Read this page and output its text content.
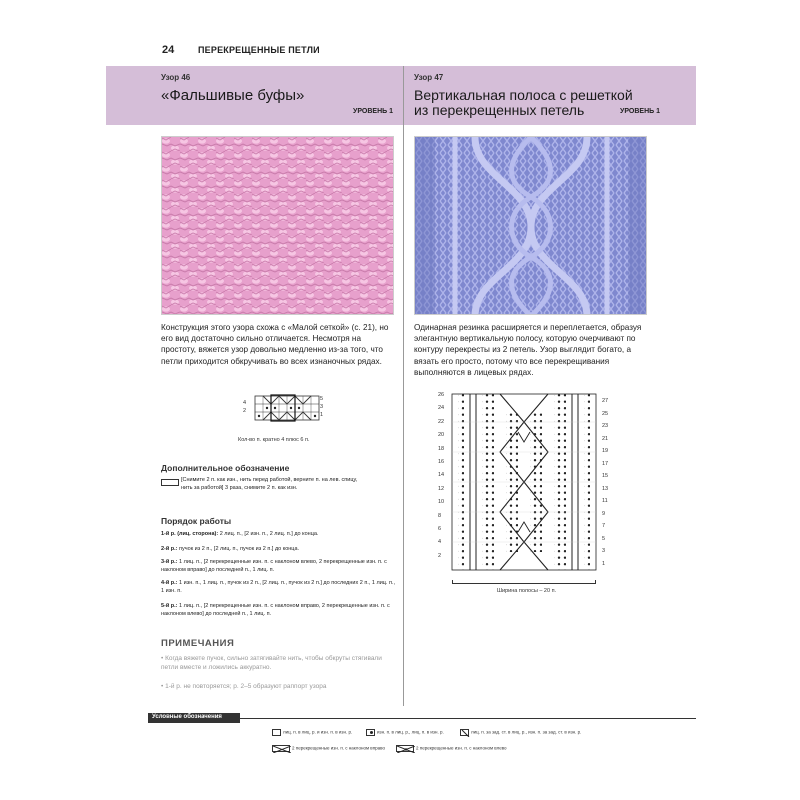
24	ПЕРЕКРЕЩЕННЫЕ ПЕТЛИ
Узор 46
«Фальшивые буфы»
УРОВЕНЬ 1
Узор 47
Вертикальная полоса с решеткой
из перекрещенных петель	УРОВЕНЬ 1
Конструкция этого узора схожа с «Малой сеткой» (с. 21), но его вид достаточно сильно отличается. Несмотря на простоту, вяжется узор довольно медленно из-за того, что петли приходится обкручивать во всех изнаночных рядах.
5
3
1
4
2
Кол-во п. кратно 4 плюс 6 п.
Дополнительное обозначение
[Снимите 2 п. как изн., нить перед работой, верните п. на лев. спицу, нить за работой] 3 раза, снимите 2 п. как изн.
Порядок работы
1-й р. (лиц. сторона): 2 лиц. п., [2 изн. п., 2 лиц. п.] до конца.
2-й р.: пучок из 2 п., [2 лиц. п., пучок из 2 п.] до конца.
3-й р.: 1 лиц. п., [2 перекрещенные изн. п. с наклоном влево, 2 перекрещенные изн. п. с наклоном вправо] до последней п., 1 лиц. п.
4-й р.: 1 изн. п., 1 лиц. п., пучок из 2 п., [2 лиц. п., пучок из 2 п.] до последних 2 п., 1 лиц. п., 1 изн. п.
5-й р.: 1 лиц. п., [2 перекрещенные изн. п. с наклоном вправо, 2 перекрещенные изн. п. с наклоном влево] до последней п., 1 лиц. п.
ПРИМЕЧАНИЯ
• Когда вяжете пучок, сильно затягивайте нить, чтобы обкруты стягивали петли вместе и ложились аккуратно.
• 1-й р. не повторяется; р. 2–5 образуют раппорт узора
Одинарная резинка расширяется и переплетается, образуя элегантную вертикальную полосу, которую очерчивают по контуру перекресты из 2 петель. Узор выглядит богато, а вязать его просто, потому что все перекрещивания выполняются в лицевых рядах.
26
24
22
20
18
16
14
12
10
8
6
4
2
27
25
23
21
19
17
15
13
11
9
7
5
3
1
Ширина полосы – 20 п.
Условные обозначения
лиц. п. в лиц. р. и изн. п. в изн. р.	изн. п. в лиц. р., лиц. п. в изн. р.	лиц. п. за зад. ст. в лиц. р., изн. п. за зад. ст. в изн. р.
2 перекрещенные изн. п. с наклоном вправо	2 перекрещенные изн. п. с наклоном влево
